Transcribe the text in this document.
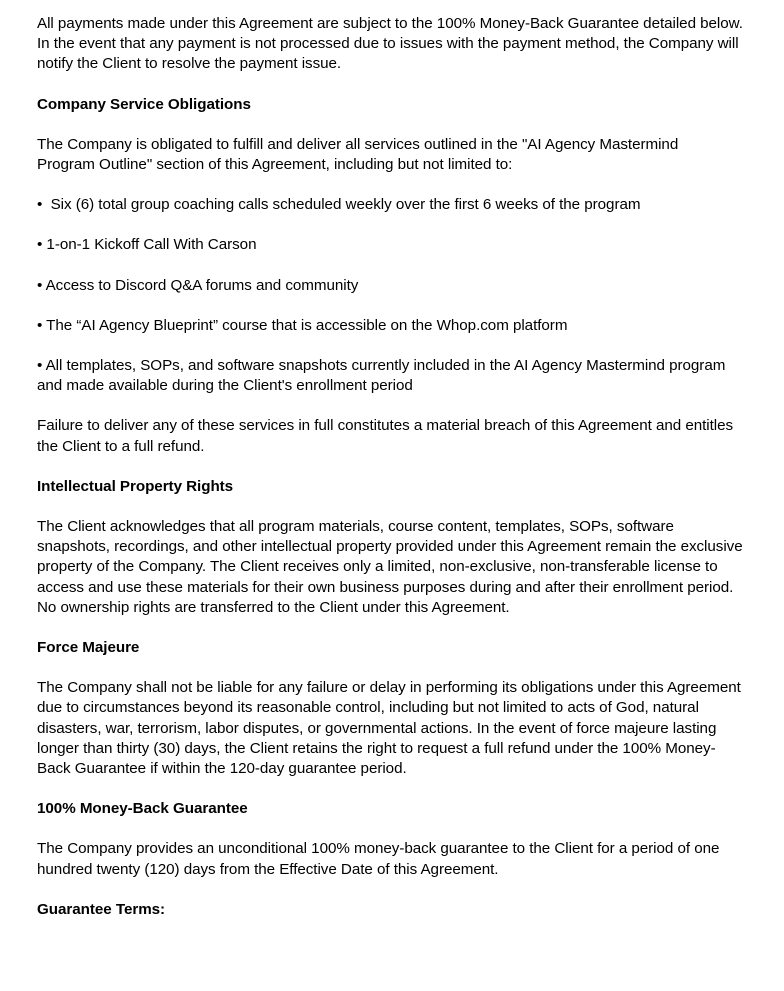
All payments made under this Agreement are subject to the 100% Money-Back Guarantee detailed below. In the event that any payment is not processed due to issues with the payment method, the Company will notify the Client to resolve the payment issue.

Company Service Obligations

The Company is obligated to fulfill and deliver all services outlined in the "AI Agency Mastermind Program Outline" section of this Agreement, including but not limited to:

•  Six (6) total group coaching calls scheduled weekly over the first 6 weeks of the program

• 1-on-1 Kickoff Call With Carson

• Access to Discord Q&A forums and community

• The “AI Agency Blueprint” course that is accessible on the Whop.com platform

• All templates, SOPs, and software snapshots currently included in the AI Agency Mastermind program and made available during the Client's enrollment period

Failure to deliver any of these services in full constitutes a material breach of this Agreement and entitles the Client to a full refund.

Intellectual Property Rights

The Client acknowledges that all program materials, course content, templates, SOPs, software snapshots, recordings, and other intellectual property provided under this Agreement remain the exclusive property of the Company. The Client receives only a limited, non-exclusive, non-transferable license to access and use these materials for their own business purposes during and after their enrollment period. No ownership rights are transferred to the Client under this Agreement.

Force Majeure

The Company shall not be liable for any failure or delay in performing its obligations under this Agreement due to circumstances beyond its reasonable control, including but not limited to acts of God, natural disasters, war, terrorism, labor disputes, or governmental actions. In the event of force majeure lasting longer than thirty (30) days, the Client retains the right to request a full refund under the 100% Money-Back Guarantee if within the 120-day guarantee period.

100% Money-Back Guarantee

The Company provides an unconditional 100% money-back guarantee to the Client for a period of one hundred twenty (120) days from the Effective Date of this Agreement.

Guarantee Terms:
